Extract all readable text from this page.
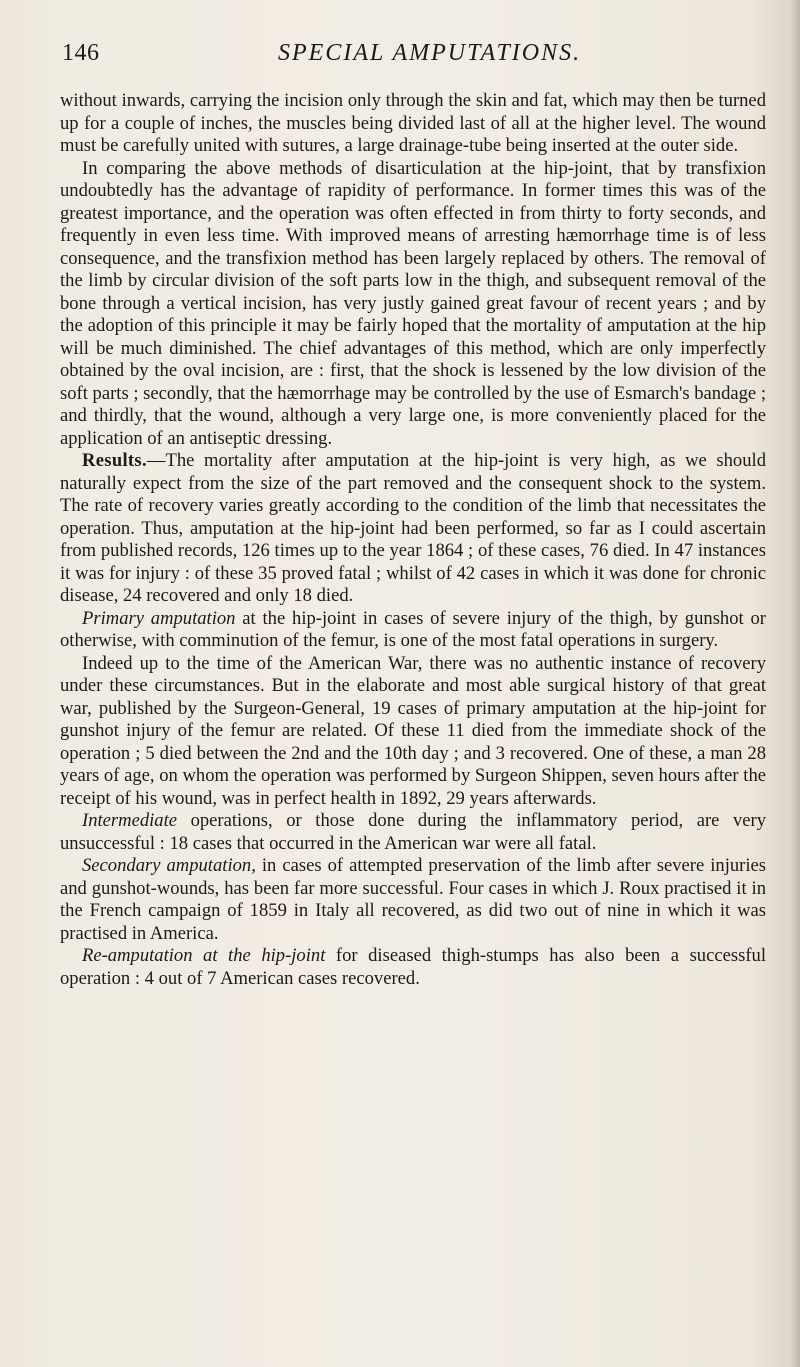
146	SPECIAL AMPUTATIONS.

without inwards, carrying the incision only through the skin and fat, which may then be turned up for a couple of inches, the muscles being divided last of all at the higher level. The wound must be carefully united with sutures, a large drainage-tube being inserted at the outer side.

In comparing the above methods of disarticulation at the hip-joint, that by transfixion undoubtedly has the advantage of rapidity of performance. In former times this was of the greatest importance, and the operation was often effected in from thirty to forty seconds, and frequently in even less time. With improved means of arresting hæmorrhage time is of less consequence, and the transfixion method has been largely replaced by others. The removal of the limb by circular division of the soft parts low in the thigh, and subsequent removal of the bone through a vertical incision, has very justly gained great favour of recent years ; and by the adoption of this principle it may be fairly hoped that the mortality of amputation at the hip will be much diminished. The chief advantages of this method, which are only imperfectly obtained by the oval incision, are : first, that the shock is lessened by the low division of the soft parts ; secondly, that the hæmorrhage may be controlled by the use of Esmarch's bandage ; and thirdly, that the wound, although a very large one, is more conveniently placed for the application of an antiseptic dressing.

Results.—The mortality after amputation at the hip-joint is very high, as we should naturally expect from the size of the part removed and the consequent shock to the system. The rate of recovery varies greatly according to the condition of the limb that necessitates the operation. Thus, amputation at the hip-joint had been performed, so far as I could ascertain from published records, 126 times up to the year 1864 ; of these cases, 76 died. In 47 instances it was for injury : of these 35 proved fatal ; whilst of 42 cases in which it was done for chronic disease, 24 recovered and only 18 died.

Primary amputation at the hip-joint in cases of severe injury of the thigh, by gunshot or otherwise, with comminution of the femur, is one of the most fatal operations in surgery.

Indeed up to the time of the American War, there was no authentic instance of recovery under these circumstances. But in the elaborate and most able surgical history of that great war, published by the Surgeon-General, 19 cases of primary amputation at the hip-joint for gunshot injury of the femur are related. Of these 11 died from the immediate shock of the operation ; 5 died between the 2nd and the 10th day ; and 3 recovered. One of these, a man 28 years of age, on whom the operation was performed by Surgeon Shippen, seven hours after the receipt of his wound, was in perfect health in 1892, 29 years afterwards.

Intermediate operations, or those done during the inflammatory period, are very unsuccessful : 18 cases that occurred in the American war were all fatal.

Secondary amputation, in cases of attempted preservation of the limb after severe injuries and gunshot-wounds, has been far more successful. Four cases in which J. Roux practised it in the French campaign of 1859 in Italy all recovered, as did two out of nine in which it was practised in America.

Re-amputation at the hip-joint for diseased thigh-stumps has also been a successful operation : 4 out of 7 American cases recovered.
